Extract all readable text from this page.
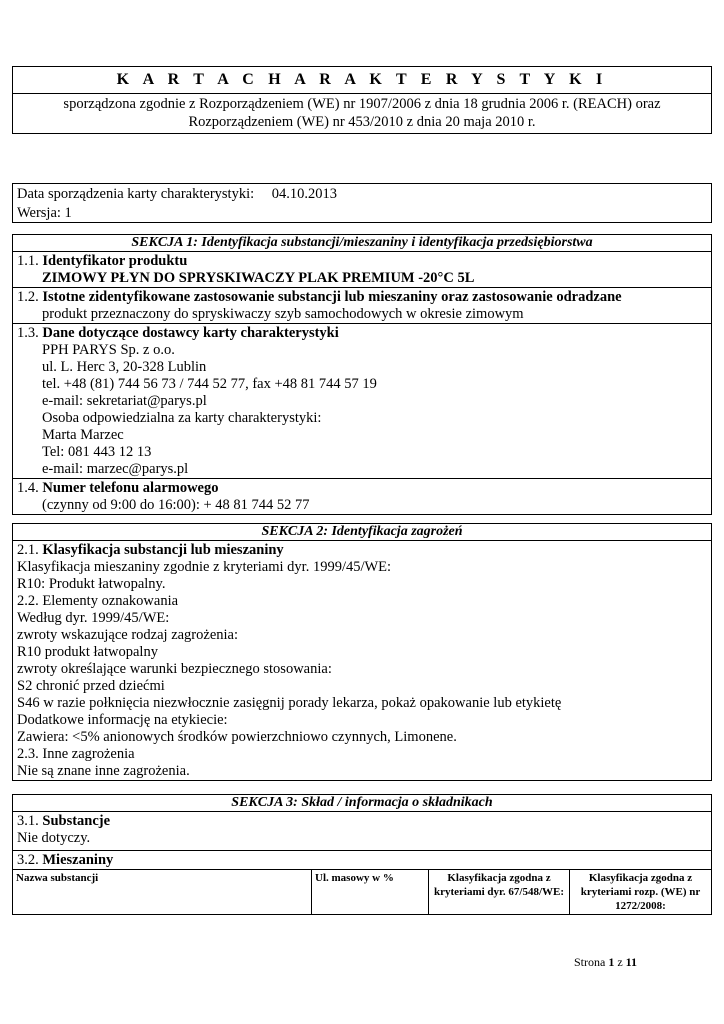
K A R T A C H A R A K T E R Y S T Y K I
sporządzona zgodnie z Rozporządzeniem (WE) nr 1907/2006 z dnia 18 grudnia 2006 r. (REACH) oraz
Rozporządzeniem (WE) nr 453/2010 z dnia 20 maja 2010 r.
Data sporządzenia karty charakterystyki: 04.10.2013
Wersja: 1
SEKCJA 1: Identyfikacja substancji/mieszaniny i identyfikacja przedsiębiorstwa
1.1. Identyfikator produktu
ZIMOWY PŁYN DO SPRYSKIWACZY PLAK PREMIUM -20°C 5L
1.2. Istotne zidentyfikowane zastosowanie substancji lub mieszaniny oraz zastosowanie odradzane
produkt przeznaczony do spryskiwaczy szyb samochodowych w okresie zimowym
1.3. Dane dotyczące dostawcy karty charakterystyki
PPH PARYS Sp. z o.o.
ul. L. Herc 3, 20-328 Lublin
tel. +48 (81) 744 56 73 / 744 52 77, fax +48 81 744 57 19
e-mail: sekretariat@parys.pl
Osoba odpowiedzialna za karty charakterystyki:
Marta Marzec
Tel: 081 443 12 13
e-mail: marzec@parys.pl
1.4. Numer telefonu alarmowego
(czynny od 9:00 do 16:00): + 48 81 744 52 77
SEKCJA 2: Identyfikacja zagrożeń
2.1. Klasyfikacja substancji lub mieszaniny
Klasyfikacja mieszaniny zgodnie z kryteriami dyr. 1999/45/WE:
R10: Produkt łatwopalny.
2.2. Elementy oznakowania
Według dyr. 1999/45/WE:
zwroty wskazujące rodzaj zagrożenia:
R10 produkt łatwopalny
zwroty określające warunki bezpiecznego stosowania:
S2 chronić przed dziećmi
S46 w razie połknięcia niezwłocznie zasięgnij porady lekarza, pokaż opakowanie lub etykietę
Dodatkowe informację na etykiecie:
Zawiera: <5% anionowych środków powierzchniowo czynnych, Limonene.
2.3. Inne zagrożenia
Nie są znane inne zagrożenia.
SEKCJA 3: Skład / informacja o składnikach
3.1. Substancje
Nie dotyczy.
3.2. Mieszaniny
Nazwa substancji	Ul. masowy w %	Klasyfikacja zgodna z kryteriami dyr. 67/548/WE:	Klasyfikacja zgodna z kryteriami rozp. (WE) nr 1272/2008:
Strona 1 z 11
